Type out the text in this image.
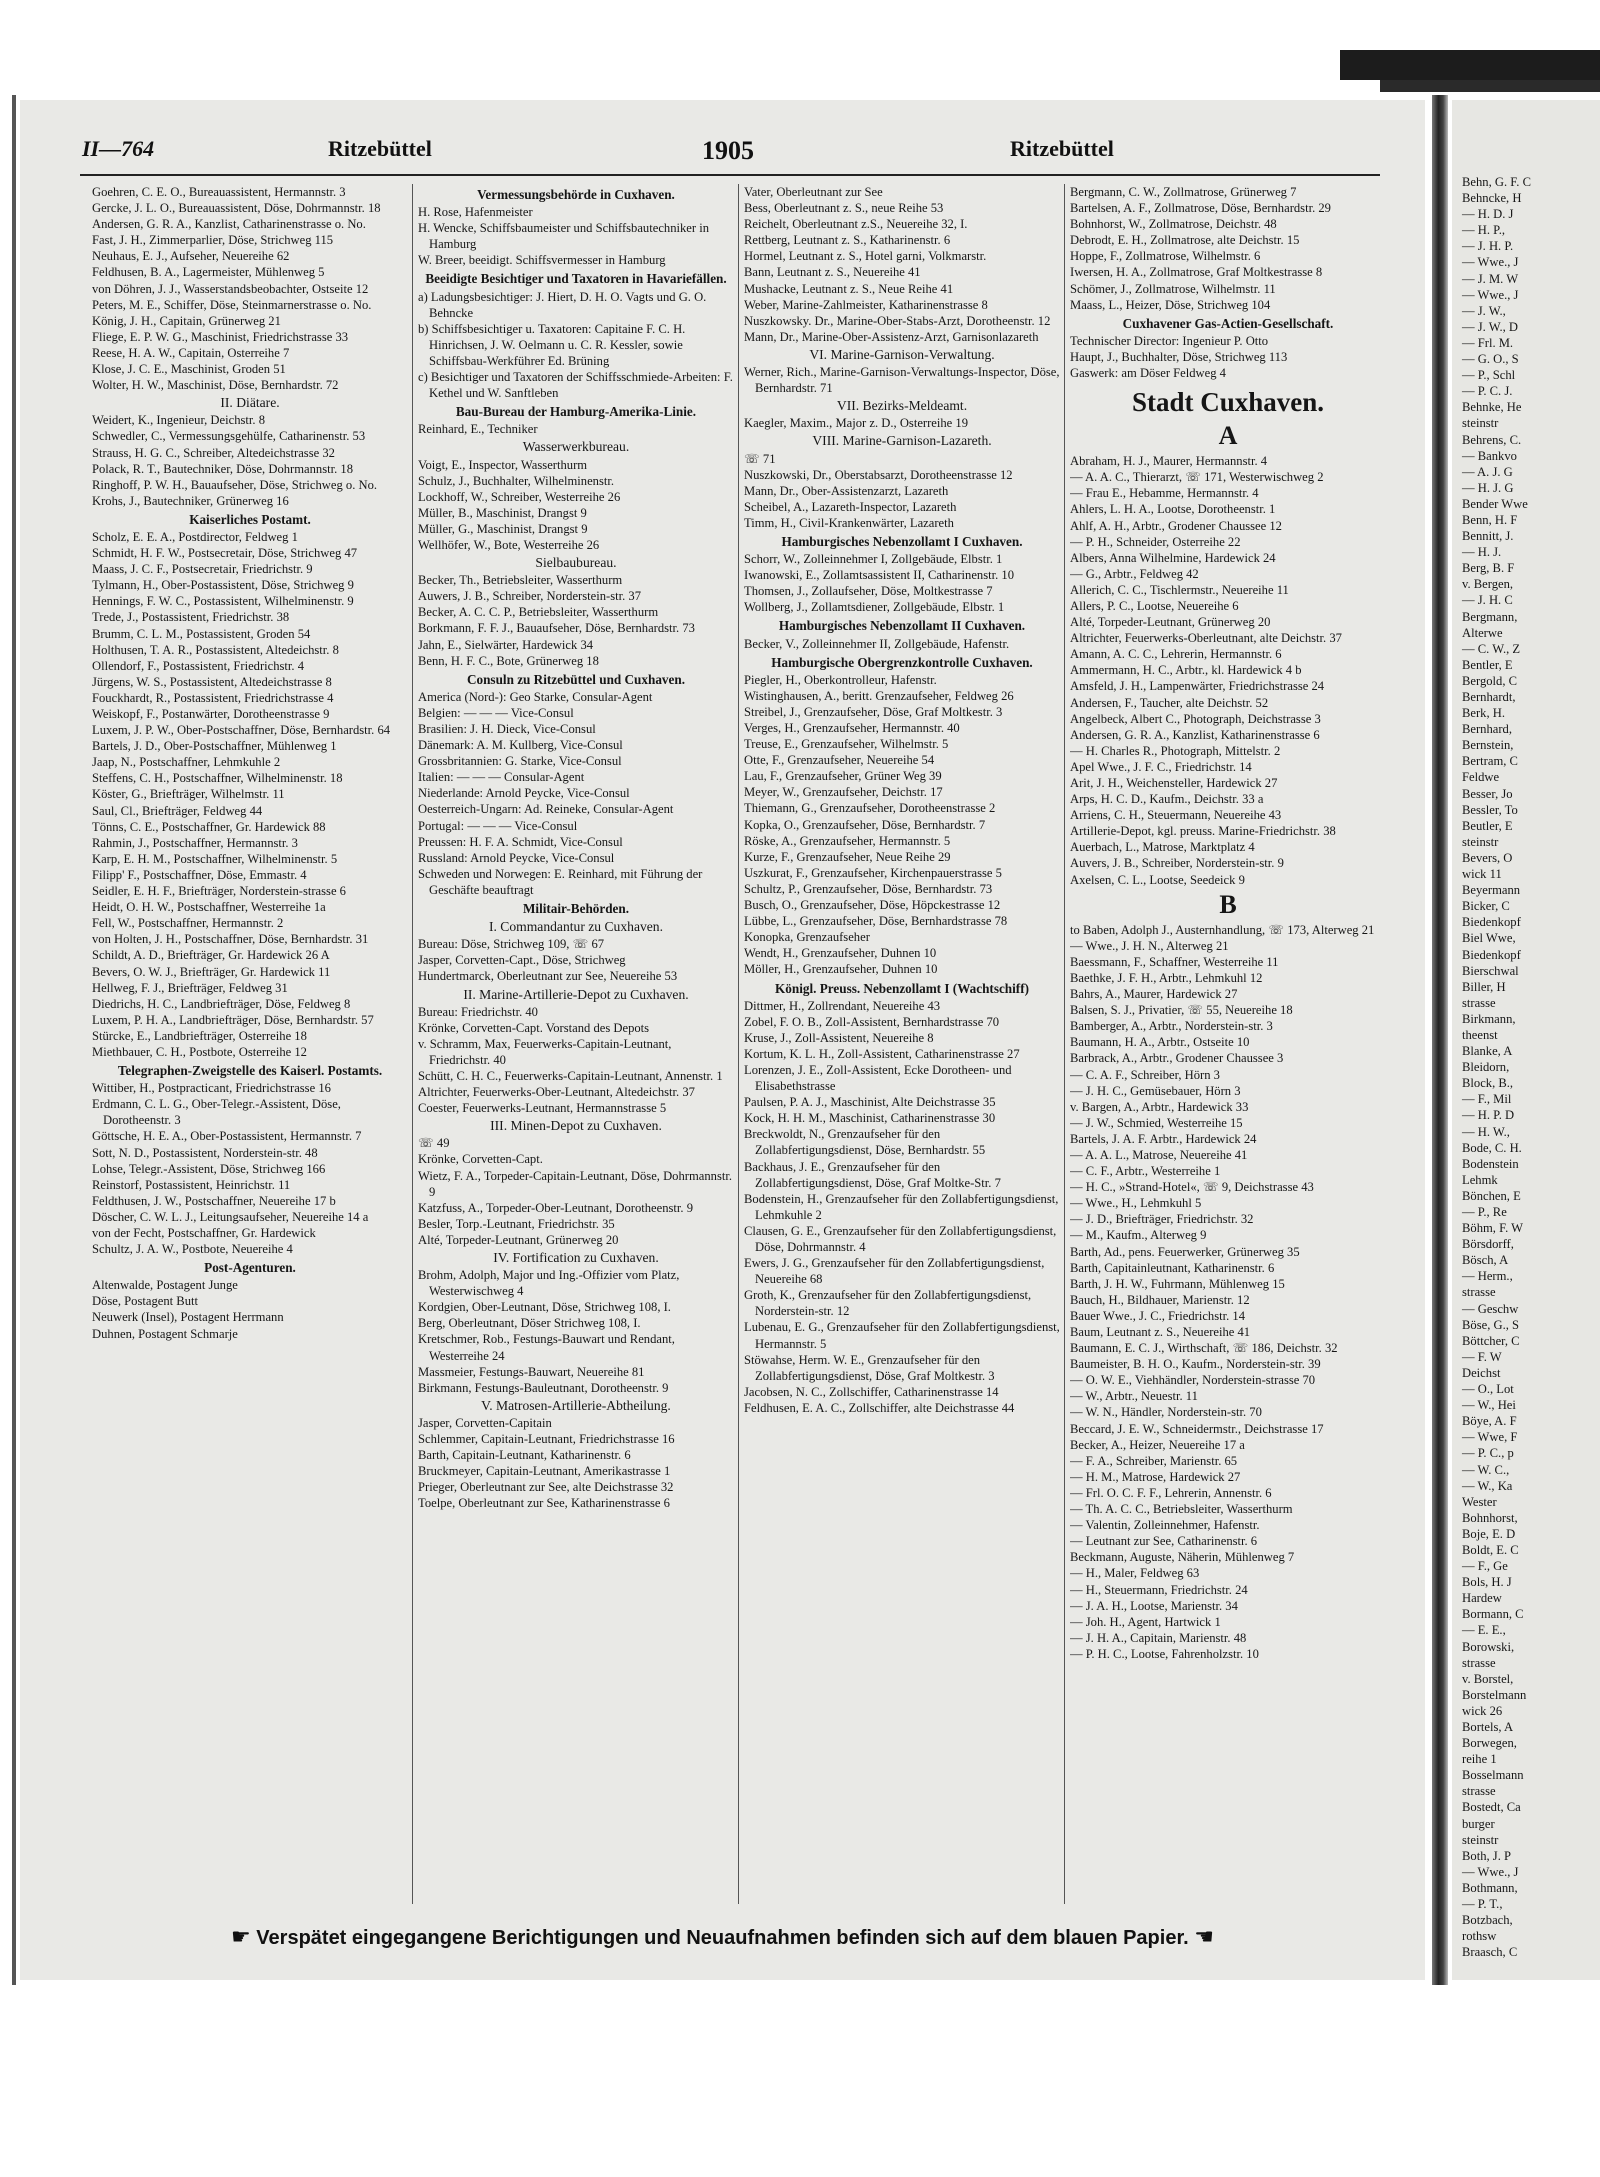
II—764	Ritzebüttel	1905	Ritzebüttel
Goehren, C. E. O., Bureauassistent, Hermannstr. 3
Gercke, J. L. O., Bureauassistent, Döse, Dohrmannstr. 18
Andersen, G. R. A., Kanzlist, Catharinenstrasse o. No.
Fast, J. H., Zimmerparlier, Döse, Strichweg 115
Neuhaus, E. J., Aufseher, Neuereihe 62
Feldhusen, B. A., Lagermeister, Mühlenweg 5
von Döhren, J. J., Wasserstandsbeobachter, Ostseite 12
Peters, M. E., Schiffer, Döse, Steinmarnerstrasse o. No.
König, J. H., Capitain, Grünerweg 21
Fliege, E. P. W. G., Maschinist, Friedrichstrasse 33
Reese, H. A. W., Capitain, Osterreihe 7
Klose, J. C. E., Maschinist, Groden 51
Wolter, H. W., Maschinist, Döse, Bernhardstr. 72
II. Diätare.
Weidert, K., Ingenieur, Deichstr. 8
Schwedler, C., Vermessungsgehülfe, Catharinenstr. 53
Strauss, H. G. C., Schreiber, Altedeichstrasse 32
Polack, R. T., Bautechniker, Döse, Dohrmannstr. 18
Ringhoff, P. W. H., Bauaufseher, Döse, Strichweg o. No.
Krohs, J., Bautechniker, Grünerweg 16
Kaiserliches Postamt.
Scholz, E. E. A., Postdirector, Feldweg 1
Schmidt, H. F. W., Postsecretair, Döse, Strichweg 47
Maass, J. C. F., Postsecretair, Friedrichstr. 9
Tylmann, H., Ober-Postassistent, Döse, Strichweg 9
Hennings, F. W. C., Postassistent, Wilhelminenstr. 9
Trede, J., Postassistent, Friedrichstr. 38
Brumm, C. L. M., Postassistent, Groden 54
Holthusen, T. A. R., Postassistent, Altedeichstr. 8
Ollendorf, F., Postassistent, Friedrichstr. 4
Jürgens, W. S., Postassistent, Altedeichstrasse 8
Fouckhardt, R., Postassistent, Friedrichstrasse 4
Weiskopf, F., Postanwärter, Dorotheenstrasse 9
Luxem, J. P. W., Ober-Postschaffner, Döse, Bernhardstr. 64
Bartels, J. D., Ober-Postschaffner, Mühlenweg 1
Jaap, N., Postschaffner, Lehmkuhle 2
Steffens, C. H., Postschaffner, Wilhelminenstr. 18
Köster, G., Briefträger, Wilhelmstr. 11
Saul, Cl., Briefträger, Feldweg 44
Tönns, C. E., Postschaffner, Gr. Hardewick 88
Rahmin, J., Postschaffner, Hermannstr. 3
Karp, E. H. M., Postschaffner, Wilhelminenstr. 5
Filipp' F., Postschaffner, Döse, Emmastr. 4
Seidler, E. H. F., Briefträger, Norderstein-strasse 6
Heidt, O. H. W., Postschaffner, Westerreihe 1a
Fell, W., Postschaffner, Hermannstr. 2
von Holten, J. H., Postschaffner, Döse, Bernhardstr. 31
Schildt, A. D., Briefträger, Gr. Hardewick 26 A
Bevers, O. W. J., Briefträger, Gr. Hardewick 11
Hellweg, F. J., Briefträger, Feldweg 31
Diedrichs, H. C., Landbriefträger, Döse, Feldweg 8
Luxem, P. H. A., Landbriefträger, Döse, Bernhardstr. 57
Stürcke, E., Landbriefträger, Osterreihe 18
Miethbauer, C. H., Postbote, Osterreihe 12
Telegraphen-Zweigstelle des Kaiserl. Postamts.
Wittiber, H., Postpracticant, Friedrichstrasse 16
Erdmann, C. L. G., Ober-Telegr.-Assistent, Döse, Dorotheenstr. 3
Göttsche, H. E. A., Ober-Postassistent, Hermannstr. 7
Sott, N. D., Postassistent, Norderstein-str. 48
Lohse, Telegr.-Assistent, Döse, Strichweg 166
Reinstorf, Postassistent, Heinrichstr. 11
Feldthusen, J. W., Postschaffner, Neuereihe 17 b
Döscher, C. W. L. J., Leitungsaufseher, Neuereihe 14 a
von der Fecht, Postschaffner, Gr. Hardewick
Schultz, J. A. W., Postbote, Neuereihe 4
Post-Agenturen.
Altenwalde, Postagent Junge
Döse, Postagent Butt
Neuwerk (Insel), Postagent Herrmann
Duhnen, Postagent Schmarje
Vermessungsbehörde in Cuxhaven.
H. Rose, Hafenmeister
H. Wencke, Schiffsbaumeister und Schiffsbautechniker in Hamburg
W. Breer, beeidigt. Schiffsvermesser in Hamburg
Beeidigte Besichtiger und Taxatoren in Havariefällen.
a) Ladungsbesichtiger: J. Hiert, D. H. O. Vagts und G. O. Behncke
b) Schiffsbesichtiger u. Taxatoren: Capitaine F. C. H. Hinrichsen, J. W. Oelmann u. C. R. Kessler, sowie Schiffsbau-Werkführer Ed. Brüning
c) Besichtiger und Taxatoren der Schiffsschmiede-Arbeiten: F. Kethel und W. Sanftleben
Bau-Bureau der Hamburg-Amerika-Linie.
Reinhard, E., Techniker
Wasserwerkbureau.
Voigt, E., Inspector, Wasserthurm
Schulz, J., Buchhalter, Wilhelminenstr.
Lockhoff, W., Schreiber, Westerreihe 26
Müller, B., Maschinist, Drangst 9
Müller, G., Maschinist, Drangst 9
Wellhöfer, W., Bote, Westerreihe 26
Sielbaubureau.
Becker, Th., Betriebsleiter, Wasserthurm
Auwers, J. B., Schreiber, Norderstein-str. 37
Becker, A. C. C. P., Betriebsleiter, Wasserthurm
Borkmann, F. F. J., Bauaufseher, Döse, Bernhardstr. 73
Jahn, E., Sielwärter, Hardewick 34
Benn, H. F. C., Bote, Grünerweg 18
Consuln zu Ritzebüttel und Cuxhaven.
America (Nord-): Geo Starke, Consular-Agent
Belgien: — — — Vice-Consul
Brasilien: J. H. Dieck, Vice-Consul
Dänemark: A. M. Kullberg, Vice-Consul
Grossbritannien: G. Starke, Vice-Consul
Italien: — — — Consular-Agent
Niederlande: Arnold Peycke, Vice-Consul
Oesterreich-Ungarn: Ad. Reineke, Consular-Agent
Portugal: — — — Vice-Consul
Preussen: H. F. A. Schmidt, Vice-Consul
Russland: Arnold Peycke, Vice-Consul
Schweden und Norwegen: E. Reinhard, mit Führung der Geschäfte beauftragt
Militair-Behörden.
I. Commandantur zu Cuxhaven.
Bureau: Döse, Strichweg 109, ☏ 67
Jasper, Corvetten-Capt., Döse, Strichweg
Hundertmarck, Oberleutnant zur See, Neuereihe 53
II. Marine-Artillerie-Depot zu Cuxhaven.
Bureau: Friedrichstr. 40
Krönke, Corvetten-Capt. Vorstand des Depots
v. Schramm, Max, Feuerwerks-Capitain-Leutnant, Friedrichstr. 40
Schütt, C. H. C., Feuerwerks-Capitain-Leutnant, Annenstr. 1
Altrichter, Feuerwerks-Ober-Leutnant, Altedeichstr. 37
Coester, Feuerwerks-Leutnant, Hermannstrasse 5
III. Minen-Depot zu Cuxhaven.
☏ 49
Krönke, Corvetten-Capt.
Wietz, F. A., Torpeder-Capitain-Leutnant, Döse, Dohrmannstr. 9
Katzfuss, A., Torpeder-Ober-Leutnant, Dorotheenstr. 9
Besler, Torp.-Leutnant, Friedrichstr. 35
Alté, Torpeder-Leutnant, Grünerweg 20
IV. Fortification zu Cuxhaven.
Brohm, Adolph, Major und Ing.-Offizier vom Platz, Westerwischweg 4
Kordgien, Ober-Leutnant, Döse, Strichweg 108, I.
Berg, Oberleutnant, Döser Strichweg 108, I.
Kretschmer, Rob., Festungs-Bauwart und Rendant, Westerreihe 24
Massmeier, Festungs-Bauwart, Neuereihe 81
Birkmann, Festungs-Bauleutnant, Dorotheenstr. 9
V. Matrosen-Artillerie-Abtheilung.
Jasper, Corvetten-Capitain
Schlemmer, Capitain-Leutnant, Friedrichstrasse 16
Barth, Capitain-Leutnant, Katharinenstr. 6
Bruckmeyer, Capitain-Leutnant, Amerikastrasse 1
Prieger, Oberleutnant zur See, alte Deichstrasse 32
Toelpe, Oberleutnant zur See, Katharinenstrasse 6
Vater, Oberleutnant zur See
Bess, Oberleutnant z. S., neue Reihe 53
Reichelt, Oberleutnant z.S., Neuereihe 32, I.
Rettberg, Leutnant z. S., Katharinenstr. 6
Hormel, Leutnant z. S., Hotel garni, Volkmarstr.
Bann, Leutnant z. S., Neuereihe 41
Mushacke, Leutnant z. S., Neue Reihe 41
Weber, Marine-Zahlmeister, Katharinenstrasse 8
Nuszkowsky. Dr., Marine-Ober-Stabs-Arzt, Dorotheenstr. 12
Mann, Dr., Marine-Ober-Assistenz-Arzt, Garnisonlazareth
VI. Marine-Garnison-Verwaltung.
Werner, Rich., Marine-Garnison-Verwaltungs-Inspector, Döse, Bernhardstr. 71
VII. Bezirks-Meldeamt.
Kaegler, Maxim., Major z. D., Osterreihe 19
VIII. Marine-Garnison-Lazareth.
☏ 71
Nuszkowski, Dr., Oberstabsarzt, Dorotheenstrasse 12
Mann, Dr., Ober-Assistenzarzt, Lazareth
Scheibel, A., Lazareth-Inspector, Lazareth
Timm, H., Civil-Krankenwärter, Lazareth
Hamburgisches Nebenzollamt I Cuxhaven.
Schorr, W., Zolleinnehmer I, Zollgebäude, Elbstr. 1
Iwanowski, E., Zollamtsassistent II, Catharinenstr. 10
Thomsen, J., Zollaufseher, Döse, Moltkestrasse 7
Wollberg, J., Zollamtsdiener, Zollgebäude, Elbstr. 1
Hamburgisches Nebenzollamt II Cuxhaven.
Becker, V., Zolleinnehmer II, Zollgebäude, Hafenstr.
Hamburgische Obergrenzkontrolle Cuxhaven.
Piegler, H., Oberkontrolleur, Hafenstr.
Wistinghausen, A., beritt. Grenzaufseher, Feldweg 26
Streibel, J., Grenzaufseher, Döse, Graf Moltkestr. 3
Verges, H., Grenzaufseher, Hermannstr. 40
Treuse, E., Grenzaufseher, Wilhelmstr. 5
Otte, F., Grenzaufseher, Neuereihe 54
Lau, F., Grenzaufseher, Grüner Weg 39
Meyer, W., Grenzaufseher, Deichstr. 17
Thiemann, G., Grenzaufseher, Dorotheenstrasse 2
Kopka, O., Grenzaufseher, Döse, Bernhardstr. 7
Röske, A., Grenzaufseher, Hermannstr. 5
Kurze, F., Grenzaufseher, Neue Reihe 29
Uszkurat, F., Grenzaufseher, Kirchenpauerstrasse 5
Schultz, P., Grenzaufseher, Döse, Bernhardstr. 73
Busch, O., Grenzaufseher, Döse, Höpckestrasse 12
Lübbe, L., Grenzaufseher, Döse, Bernhardstrasse 78
Konopka, Grenzaufseher
Wendt, H., Grenzaufseher, Duhnen 10
Möller, H., Grenzaufseher, Duhnen 10
Königl. Preuss. Nebenzollamt I (Wachtschiff)
Dittmer, H., Zollrendant, Neuereihe 43
Zobel, F. O. B., Zoll-Assistent, Bernhardstrasse 70
Kruse, J., Zoll-Assistent, Neuereihe 8
Kortum, K. L. H., Zoll-Assistent, Catharinenstrasse 27
Lorenzen, J. E., Zoll-Assistent, Ecke Dorotheen- und Elisabethstrasse
Paulsen, P. A. J., Maschinist, Alte Deichstrasse 35
Kock, H. H. M., Maschinist, Catharinenstrasse 30
Breckwoldt, N., Grenzaufseher für den Zollabfertigungsdienst, Döse, Bernhardstr. 55
Backhaus, J. E., Grenzaufseher für den Zollabfertigungsdienst, Döse, Graf Moltke-Str. 7
Bodenstein, H., Grenzaufseher für den Zollabfertigungsdienst, Lehmkuhle 2
Clausen, G. E., Grenzaufseher für den Zollabfertigungsdienst, Döse, Dohrmannstr. 4
Ewers, J. G., Grenzaufseher für den Zollabfertigungsdienst, Neuereihe 68
Groth, K., Grenzaufseher für den Zollabfertigungsdienst, Norderstein-str. 12
Lubenau, E. G., Grenzaufseher für den Zollabfertigungsdienst, Hermannstr. 5
Stöwahse, Herm. W. E., Grenzaufseher für den Zollabfertigungsdienst, Döse, Graf Moltkestr. 3
Jacobsen, N. C., Zollschiffer, Catharinenstrasse 14
Feldhusen, E. A. C., Zollschiffer, alte Deichstrasse 44
Bergmann, C. W., Zollmatrose, Grünerweg 7
Bartelsen, A. F., Zollmatrose, Döse, Bernhardstr. 29
Bohnhorst, W., Zollmatrose, Deichstr. 48
Debrodt, E. H., Zollmatrose, alte Deichstr. 15
Hoppe, F., Zollmatrose, Wilhelmstr. 6
Iwersen, H. A., Zollmatrose, Graf Moltkestrasse 8
Schömer, J., Zollmatrose, Wilhelmstr. 11
Maass, L., Heizer, Döse, Strichweg 104
Cuxhavener Gas-Actien-Gesellschaft.
Technischer Director: Ingenieur P. Otto
Haupt, J., Buchhalter, Döse, Strichweg 113
Gaswerk: am Döser Feldweg 4
Stadt Cuxhaven.
A
Abraham, H. J., Maurer, Hermannstr. 4
— A. A. C., Thierarzt, ☏ 171, Westerwischweg 2
— Frau E., Hebamme, Hermannstr. 4
Ahlers, L. H. A., Lootse, Dorotheenstr. 1
Ahlf, A. H., Arbtr., Grodener Chaussee 12
— P. H., Schneider, Osterreihe 22
Albers, Anna Wilhelmine, Hardewick 24
— G., Arbtr., Feldweg 42
Allerich, C. C., Tischlermstr., Neuereihe 11
Allers, P. C., Lootse, Neuereihe 6
Alté, Torpeder-Leutnant, Grünerweg 20
Altrichter, Feuerwerks-Oberleutnant, alte Deichstr. 37
Amann, A. C. C., Lehrerin, Hermannstr. 6
Ammermann, H. C., Arbtr., kl. Hardewick 4 b
Amsfeld, J. H., Lampenwärter, Friedrichstrasse 24
Andersen, F., Taucher, alte Deichstr. 52
Angelbeck, Albert C., Photograph, Deichstrasse 3
Andersen, G. R. A., Kanzlist, Katharinenstrasse 6
— H. Charles R., Photograph, Mittelstr. 2
Apel Wwe., J. F. C., Friedrichstr. 14
Arit, J. H., Weichensteller, Hardewick 27
Arps, H. C. D., Kaufm., Deichstr. 33 a
Arriens, C. H., Steuermann, Neuereihe 43
Artillerie-Depot, kgl. preuss. Marine-Friedrichstr. 38
Auerbach, L., Matrose, Marktplatz 4
Auvers, J. B., Schreiber, Norderstein-str. 9
Axelsen, C. L., Lootse, Seedeick 9
B
to Baben, Adolph J., Austernhandlung, ☏ 173, Alterweg 21
— Wwe., J. H. N., Alterweg 21
Baessmann, F., Schaffner, Westerreihe 11
Baethke, J. F. H., Arbtr., Lehmkuhl 12
Bahrs, A., Maurer, Hardewick 27
Balsen, S. J., Privatier, ☏ 55, Neuereihe 18
Bamberger, A., Arbtr., Norderstein-str. 3
Baumann, H. A., Arbtr., Ostseite 10
Barbrack, A., Arbtr., Grodener Chaussee 3
— C. A. F., Schreiber, Hörn 3
— J. H. C., Gemüsebauer, Hörn 3
v. Bargen, A., Arbtr., Hardewick 33
— J. W., Schmied, Westerreihe 15
Bartels, J. A. F. Arbtr., Hardewick 24
— A. A. L., Matrose, Neuereihe 41
— C. F., Arbtr., Westerreihe 1
— H. C., »Strand-Hotel«, ☏ 9, Deichstrasse 43
— Wwe., H., Lehmkuhl 5
— J. D., Briefträger, Friedrichstr. 32
— M., Kaufm., Alterweg 9
Barth, Ad., pens. Feuerwerker, Grünerweg 35
Barth, Capitainleutnant, Katharinenstr. 6
Barth, J. H. W., Fuhrmann, Mühlenweg 15
Bauch, H., Bildhauer, Marienstr. 12
Bauer Wwe., J. C., Friedrichstr. 14
Baum, Leutnant z. S., Neuereihe 41
Baumann, E. C. J., Wirthschaft, ☏ 186, Deichstr. 32
Baumeister, B. H. O., Kaufm., Norderstein-str. 39
— O. W. E., Viehhändler, Norderstein-strasse 70
— W., Arbtr., Neuestr. 11
— W. N., Händler, Norderstein-str. 70
Beccard, J. E. W., Schneidermstr., Deichstrasse 17
Becker, A., Heizer, Neuereihe 17 a
— F. A., Schreiber, Marienstr. 65
— H. M., Matrose, Hardewick 27
— Frl. O. C. F. F., Lehrerin, Annenstr. 6
— Th. A. C. C., Betriebsleiter, Wasserthurm
— Valentin, Zolleinnehmer, Hafenstr.
— Leutnant zur See, Catharinenstr. 6
Beckmann, Auguste, Näherin, Mühlenweg 7
— H., Maler, Feldweg 63
— H., Steuermann, Friedrichstr. 24
— J. A. H., Lootse, Marienstr. 34
— Joh. H., Agent, Hartwick 1
— J. H. A., Capitain, Marienstr. 48
— P. H. C., Lootse, Fahrenholzstr. 10
☛ Verspätet eingegangene Berichtigungen und Neuaufnahmen befinden sich auf dem blauen Papier. ☚
Behn, G. F. C
Behncke, H
— H. D. J
— H. P.,
— J. H. P.
— Wwe., J
— J. M. W
— Wwe., J
— J. W.,
— J. W., D
— Frl. M.
— G. O., S
— P., Schl
— P. C. J.
Behnke, He
steinstr
Behrens, C.
— Bankvo
— A. J. G
— H. J. G
Bender Wwe
Benn, H. F
Bennitt, J.
— H. J.
Berg, B. F
v. Bergen,
— J. H. C
Bergmann,
Alterwe
— C. W., Z
Bentler, E
Bergold, C
Bernhardt,
Berk, H.
Bernhard,
Bernstein,
Bertram, C
Feldwe
Besser, Jo
Bessler, To
Beutler, E
steinstr
Bevers, O
wick 11
Beyermann
Bicker, C
Biedenkopf
Biel Wwe,
Biedenkopf
Bierschwal
Biller, H
strasse
Birkmann,
theenst
Blanke, A
Bleidorn,
Block, B.,
— F., Mil
— H. P. D
— H. W.,
Bode, C. H.
Bodenstein
Lehmk
Bönchen, E
— P., Re
Böhm, F. W
Börsdorff,
Bösch, A
— Herm.,
strasse
— Geschw
Böse, G., S
Böttcher, C
— F. W
Deichst
— O., Lot
— W., Hei
Böye, A. F
— Wwe, F
— P. C., p
— W. C.,
— W., Ka
Wester
Bohnhorst,
Boje, E. D
Boldt, E. C
— F., Ge
Bols, H. J
Hardew
Bormann, C
— E. E.,
Borowski,
strasse
v. Borstel,
Borstelmann
wick 26
Bortels, A
Borwegen,
reihe 1
Bosselmann
strasse
Bostedt, Ca
burger
steinstr
Both, J. P
— Wwe., J
Bothmann,
— P. T.,
Botzbach,
rothsw
Braasch, C
